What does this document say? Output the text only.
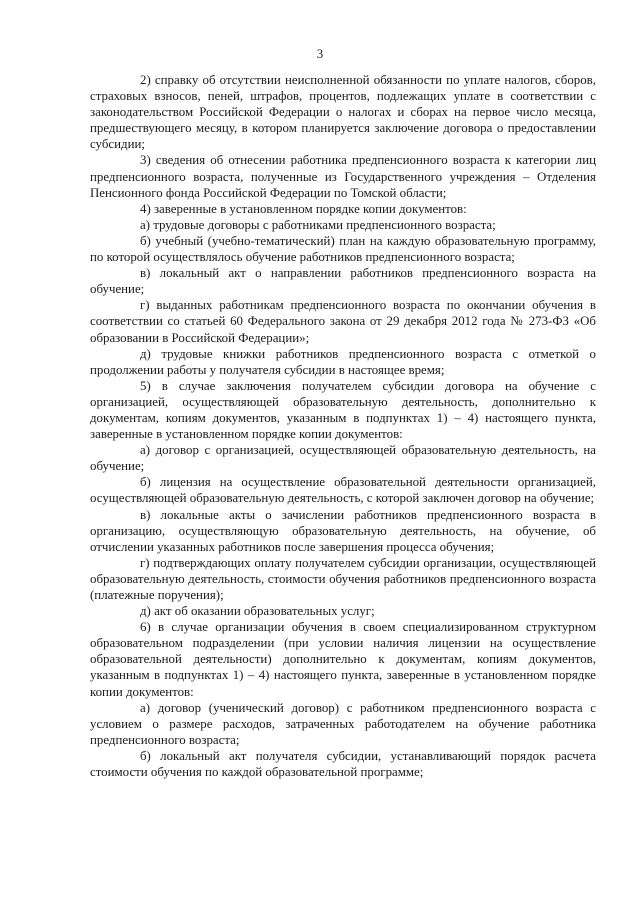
3

2) справку об отсутствии неисполненной обязанности по уплате налогов, сборов, страховых взносов, пеней, штрафов, процентов, подлежащих уплате в соответствии с законодательством Российской Федерации о налогах и сборах на первое число месяца, предшествующего месяцу, в котором планируется заключение договора о предоставлении субсидии;

3) сведения об отнесении работника предпенсионного возраста к категории лиц предпенсионного возраста, полученные из Государственного учреждения – Отделения Пенсионного фонда Российской Федерации по Томской области;

4) заверенные в установленном порядке копии документов:

а) трудовые договоры с работниками предпенсионного возраста;

б) учебный (учебно-тематический) план на каждую образовательную программу, по которой осуществлялось обучение работников предпенсионного возраста;

в) локальный акт о направлении работников предпенсионного возраста на обучение;

г) выданных работникам предпенсионного возраста по окончании обучения в соответствии со статьей 60 Федерального закона от 29 декабря 2012 года № 273-ФЗ «Об образовании в Российской Федерации»;

д) трудовые книжки работников предпенсионного возраста с отметкой о продолжении работы у получателя субсидии в настоящее время;

5) в случае заключения получателем субсидии договора на обучение с организацией, осуществляющей образовательную деятельность, дополнительно к документам, копиям документов, указанным в подпунктах 1) – 4) настоящего пункта, заверенные в установленном порядке копии документов:

а) договор с организацией, осуществляющей образовательную деятельность, на обучение;

б) лицензия на осуществление образовательной деятельности организацией, осуществляющей образовательную деятельность, с которой заключен договор на обучение;

в) локальные акты о зачислении работников предпенсионного возраста в организацию, осуществляющую образовательную деятельность, на обучение, об отчислении указанных работников после завершения процесса обучения;

г) подтверждающих оплату получателем субсидии организации, осуществляющей образовательную деятельность, стоимости обучения работников предпенсионного возраста (платежные поручения);

д) акт об оказании образовательных услуг;

6) в случае организации обучения в своем специализированном структурном образовательном подразделении (при условии наличия лицензии на осуществление образовательной деятельности) дополнительно к документам, копиям документов, указанным в подпунктах 1) – 4) настоящего пункта, заверенные в установленном порядке копии документов:

а) договор (ученический договор) с работником предпенсионного возраста с условием о размере расходов, затраченных работодателем на обучение работника предпенсионного возраста;

б) локальный акт получателя субсидии, устанавливающий порядок расчета стоимости обучения по каждой образовательной программе;
